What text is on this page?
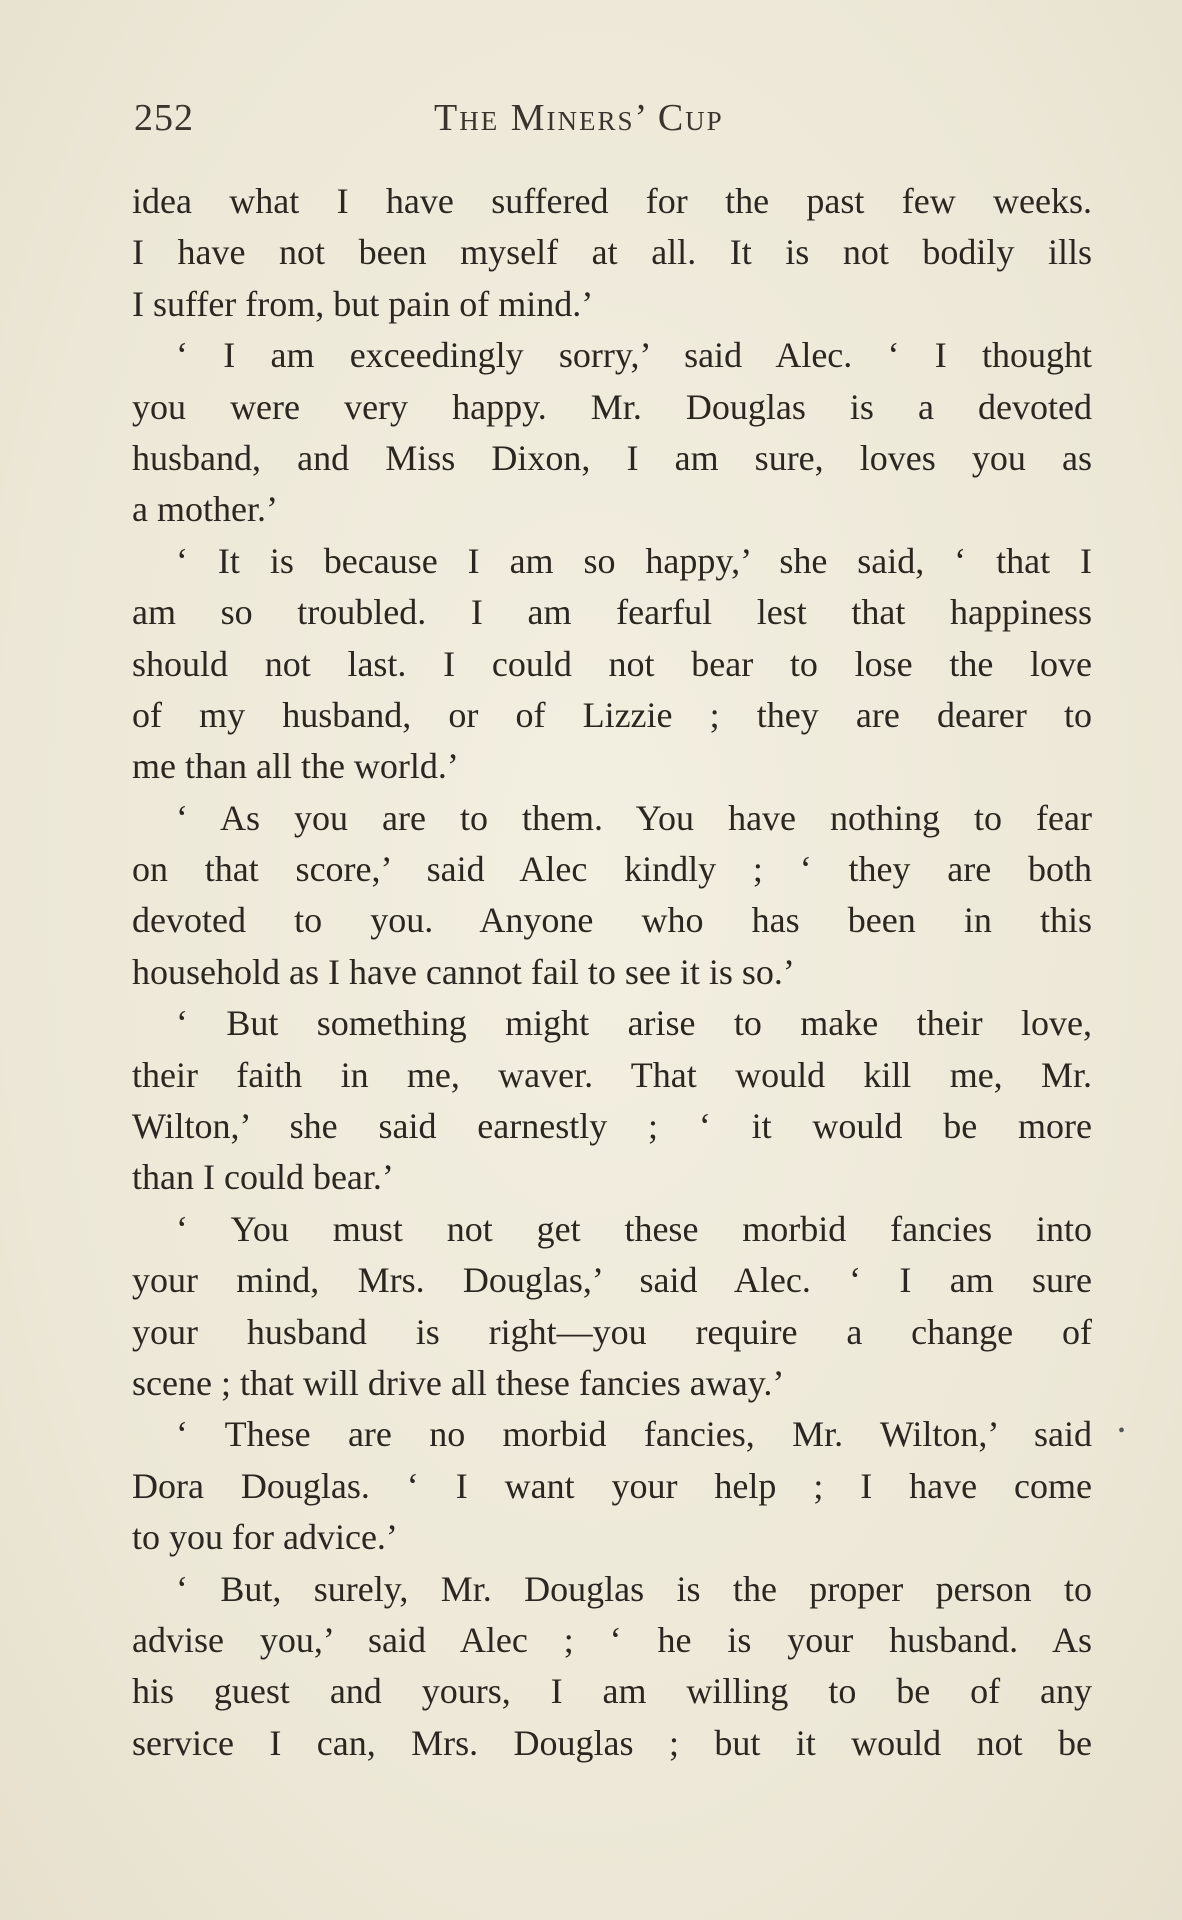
252	The Miners’ Cup
idea what I have suffered for the past few weeks.
I have not been myself at all. It is not bodily ills
I suffer from, but pain of mind.’
‘ I am exceedingly sorry,’ said Alec. ‘ I thought
you were very happy. Mr. Douglas is a devoted
husband, and Miss Dixon, I am sure, loves you as
a mother.’
‘ It is because I am so happy,’ she said, ‘ that I
am so troubled. I am fearful lest that happiness
should not last. I could not bear to lose the love
of my husband, or of Lizzie ; they are dearer to
me than all the world.’
‘ As you are to them. You have nothing to fear
on that score,’ said Alec kindly ; ‘ they are both
devoted to you. Anyone who has been in this
household as I have cannot fail to see it is so.’
‘ But something might arise to make their love,
their faith in me, waver. That would kill me, Mr.
Wilton,’ she said earnestly ; ‘ it would be more
than I could bear.’
‘ You must not get these morbid fancies into
your mind, Mrs. Douglas,’ said Alec. ‘ I am sure
your husband is right—you require a change of
scene ; that will drive all these fancies away.’
‘ These are no morbid fancies, Mr. Wilton,’ said
Dora Douglas. ‘ I want your help ; I have come
to you for advice.’
‘ But, surely, Mr. Douglas is the proper person to
advise you,’ said Alec ; ‘ he is your husband. As
his guest and yours, I am willing to be of any
service I can, Mrs. Douglas ; but it would not be
•
